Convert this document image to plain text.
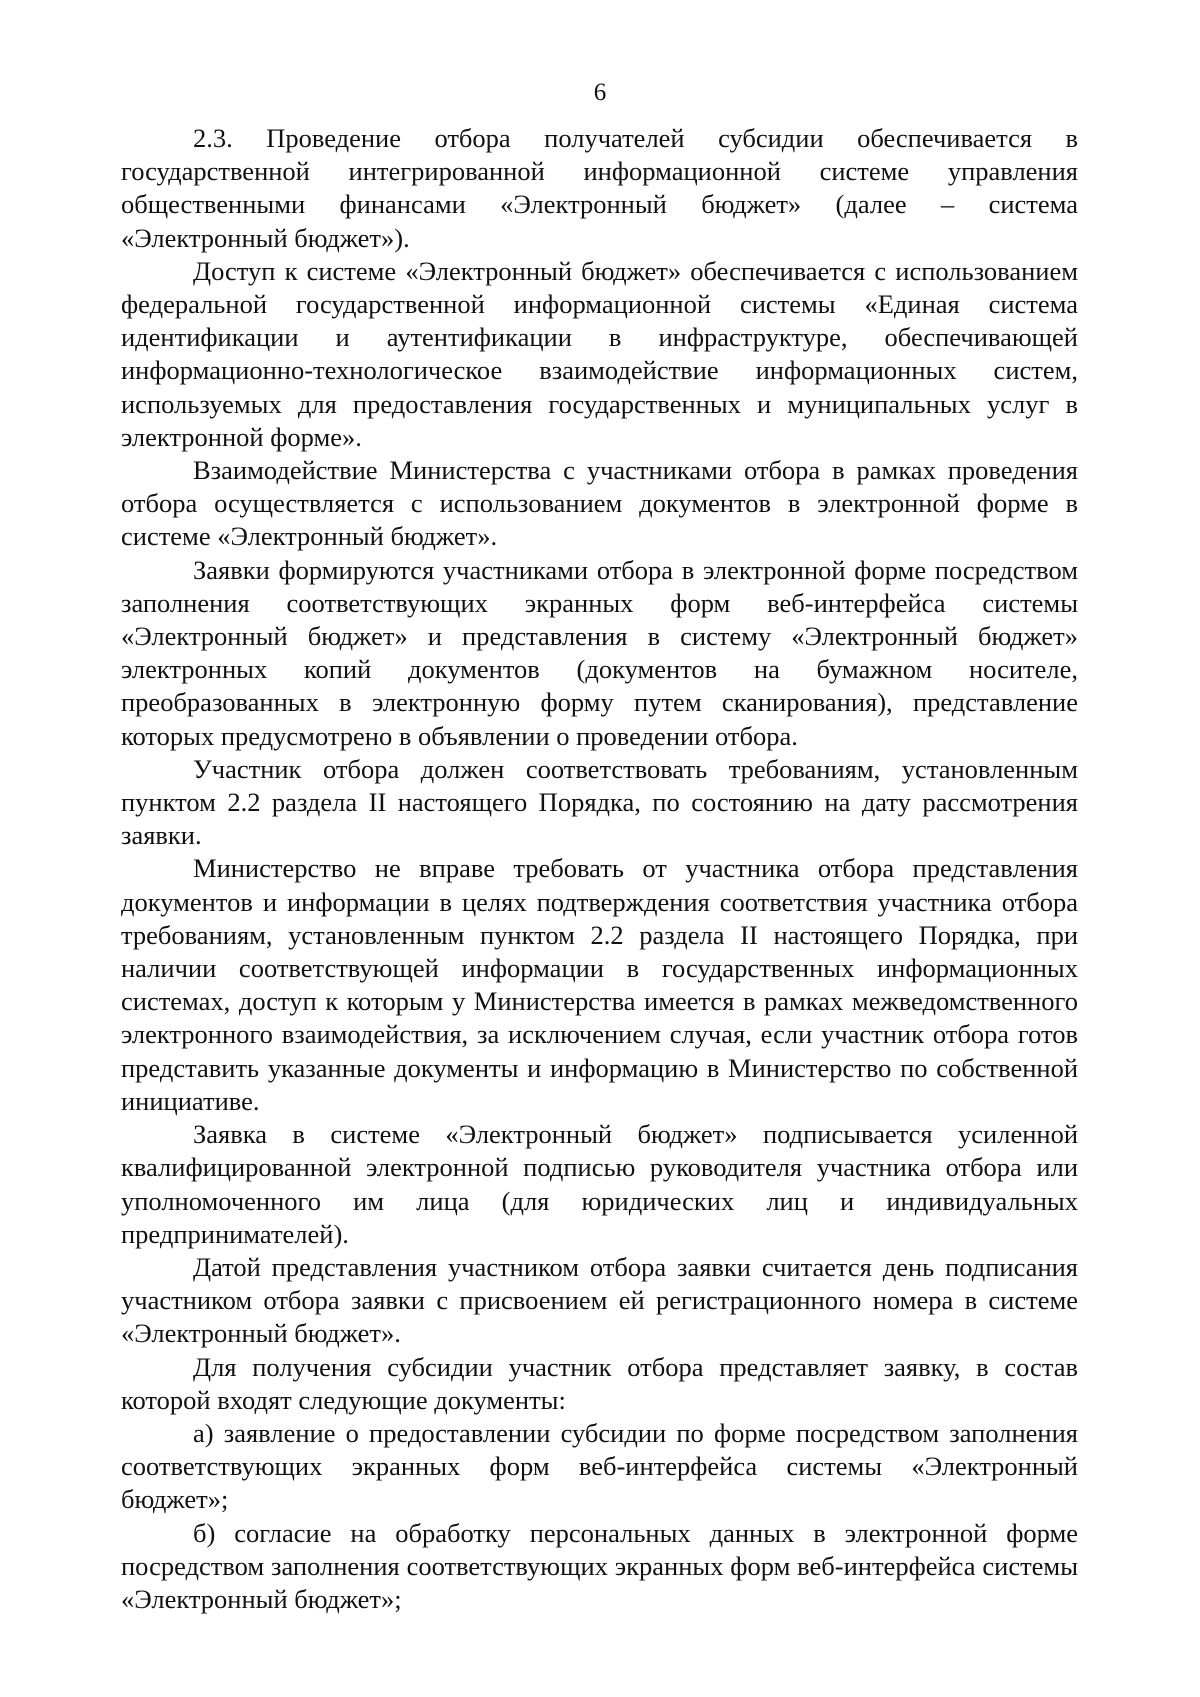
6

2.3. Проведение отбора получателей субсидии обеспечивается в государственной интегрированной информационной системе управления общественными финансами «Электронный бюджет» (далее – система «Электронный бюджет»).

Доступ к системе «Электронный бюджет» обеспечивается с использованием федеральной государственной информационной системы «Единая система идентификации и аутентификации в инфраструктуре, обеспечивающей информационно-технологическое взаимодействие информационных систем, используемых для предоставления государственных и муниципальных услуг в электронной форме».

Взаимодействие Министерства с участниками отбора в рамках проведения отбора осуществляется с использованием документов в электронной форме в системе «Электронный бюджет».

Заявки формируются участниками отбора в электронной форме посредством заполнения соответствующих экранных форм веб-интерфейса системы «Электронный бюджет» и представления в систему «Электронный бюджет» электронных копий документов (документов на бумажном носителе, преобразованных в электронную форму путем сканирования), представление которых предусмотрено в объявлении о проведении отбора.

Участник отбора должен соответствовать требованиям, установленным пунктом 2.2 раздела II настоящего Порядка, по состоянию на дату рассмотрения заявки.

Министерство не вправе требовать от участника отбора представления документов и информации в целях подтверждения соответствия участника отбора требованиям, установленным пунктом 2.2 раздела II настоящего Порядка, при наличии соответствующей информации в государственных информационных системах, доступ к которым у Министерства имеется в рамках межведомственного электронного взаимодействия, за исключением случая, если участник отбора готов представить указанные документы и информацию в Министерство по собственной инициативе.

Заявка в системе «Электронный бюджет» подписывается усиленной квалифицированной электронной подписью руководителя участника отбора или уполномоченного им лица (для юридических лиц и индивидуальных предпринимателей).

Датой представления участником отбора заявки считается день подписания участником отбора заявки с присвоением ей регистрационного номера в системе «Электронный бюджет».

Для получения субсидии участник отбора представляет заявку, в состав которой входят следующие документы:

а) заявление о предоставлении субсидии по форме посредством заполнения соответствующих экранных форм веб-интерфейса системы «Электронный бюджет»;

б) согласие на обработку персональных данных в электронной форме посредством заполнения соответствующих экранных форм веб-интерфейса системы «Электронный бюджет»;
